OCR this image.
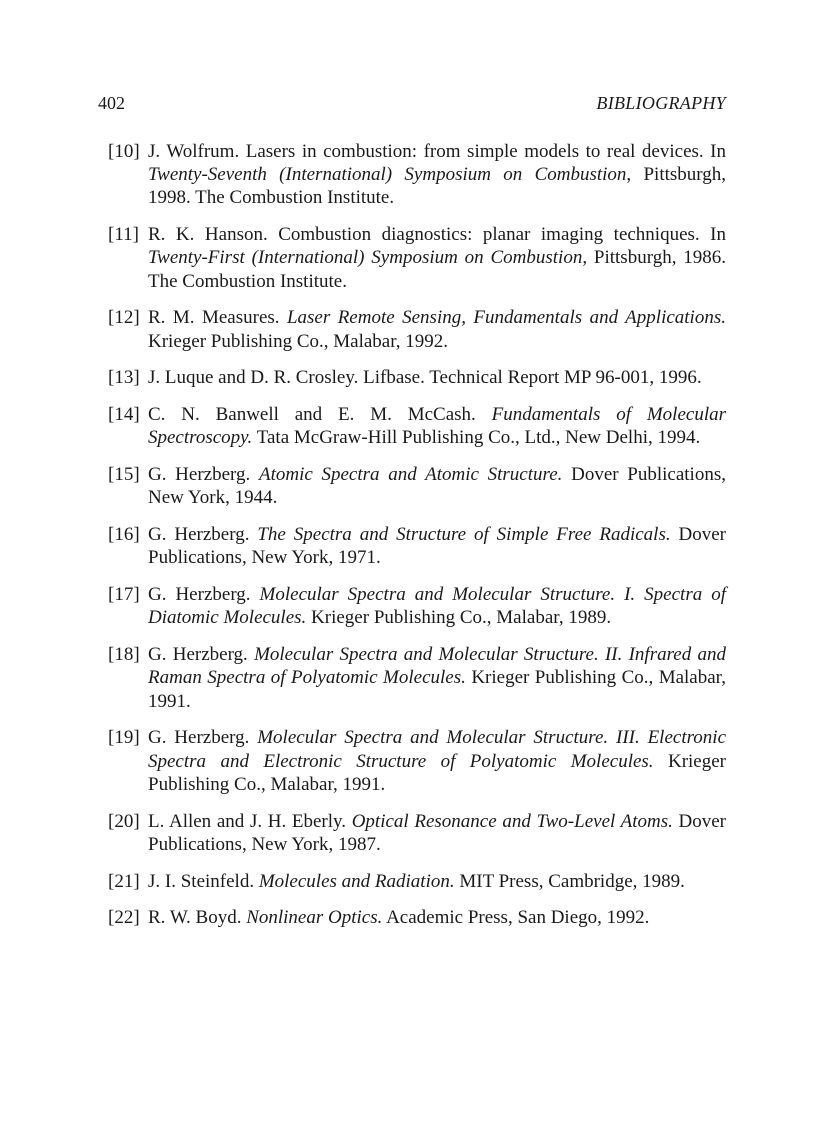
402	BIBLIOGRAPHY
[10] J. Wolfrum. Lasers in combustion: from simple models to real devices. In Twenty-Seventh (International) Symposium on Combustion, Pittsburgh, 1998. The Combustion Institute.
[11] R. K. Hanson. Combustion diagnostics: planar imaging techniques. In Twenty-First (International) Symposium on Combustion, Pittsburgh, 1986. The Combustion Institute.
[12] R. M. Measures. Laser Remote Sensing, Fundamentals and Applications. Krieger Publishing Co., Malabar, 1992.
[13] J. Luque and D. R. Crosley. Lifbase. Technical Report MP 96-001, 1996.
[14] C. N. Banwell and E. M. McCash. Fundamentals of Molecular Spectroscopy. Tata McGraw-Hill Publishing Co., Ltd., New Delhi, 1994.
[15] G. Herzberg. Atomic Spectra and Atomic Structure. Dover Publications, New York, 1944.
[16] G. Herzberg. The Spectra and Structure of Simple Free Radicals. Dover Publications, New York, 1971.
[17] G. Herzberg. Molecular Spectra and Molecular Structure. I. Spectra of Diatomic Molecules. Krieger Publishing Co., Malabar, 1989.
[18] G. Herzberg. Molecular Spectra and Molecular Structure. II. Infrared and Raman Spectra of Polyatomic Molecules. Krieger Publishing Co., Malabar, 1991.
[19] G. Herzberg. Molecular Spectra and Molecular Structure. III. Electronic Spectra and Electronic Structure of Polyatomic Molecules. Krieger Publishing Co., Malabar, 1991.
[20] L. Allen and J. H. Eberly. Optical Resonance and Two-Level Atoms. Dover Publications, New York, 1987.
[21] J. I. Steinfeld. Molecules and Radiation. MIT Press, Cambridge, 1989.
[22] R. W. Boyd. Nonlinear Optics. Academic Press, San Diego, 1992.
